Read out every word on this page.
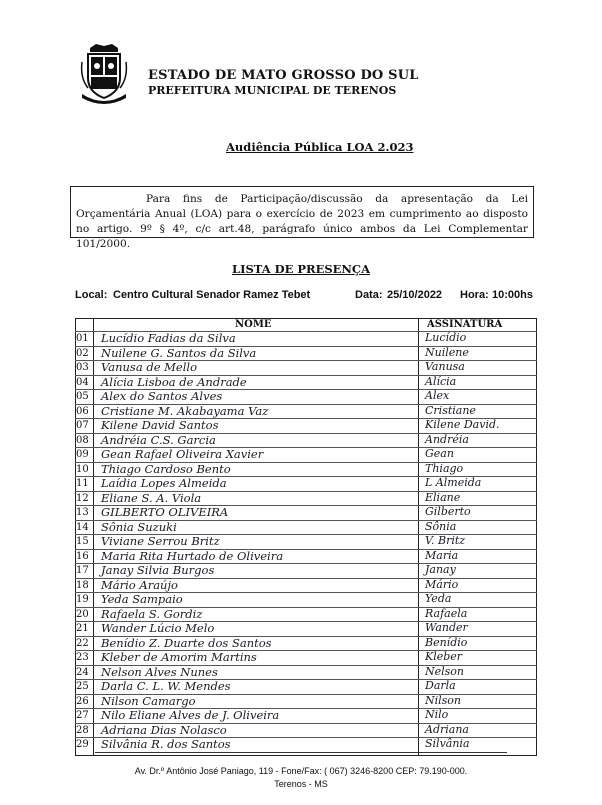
ESTADO DE MATO GROSSO DO SUL
PREFEITURA MUNICIPAL DE TERENOS
Audiência Pública LOA 2.023
Para fins de Participação/discussão da apresentação da Lei Orçamentária Anual (LOA) para o exercício de 2023 em cumprimento ao disposto no artigo. 9º § 4º, c/c art.48, parágrafo único ambos da Lei Complementar 101/2000.
LISTA DE PRESENÇA
Local: Centro Cultural Senador Ramez Tebet	Data: 25/10/2022 Hora: 10:00hs
NOME	ASSINATURA
01	Lucídio Fadias da Silva	Lucídio
02	Nuilene G. Santos da Silva	Nuilene
03	Vanusa de Mello	Vanusa
04	Alícia Lisboa de Andrade	Alícia
05	Alex do Santos Alves	Alex
06	Cristiane M. Akabayama Vaz	Cristiane
07	Kilene David Santos	Kilene David.
08	Andréia C.S. Garcia	Andréia
09	Gean Rafael Oliveira Xavier	Gean
10	Thiago Cardoso Bento	Thiago
11	Laídia Lopes Almeida	L Almeida
12	Eliane S. A. Viola	Eliane
13	GILBERTO OLIVEIRA	Gilberto
14	Sônia Suzuki	Sônia
15	Viviane Serrou Britz	V. Britz
16	Maria Rita Hurtado de Oliveira	Maria
17	Janay Silvia Burgos	Janay
18	Mário Araújo	Mário
19	Yeda Sampaio	Yeda
20	Rafaela S. Gordiz	Rafaela
21	Wander Lúcio Melo	Wander
22	Benídio Z. Duarte dos Santos	Benídio
23	Kleber de Amorim Martins	Kleber
24	Nelson Alves Nunes	Nelson
25	Darla C. L. W. Mendes	Darla
26	Nilson Camargo	Nilson
27	Nilo Eliane Alves de J. Oliveira	Nilo
28	Adriana Dias Nolasco	Adriana
29	Silvânia R. dos Santos	Silvânia
Av. Dr.º Antônio José Paniago, 119 - Fone/Fax: ( 067) 3246-8200 CEP: 79.190-000.
Terenos - MS
